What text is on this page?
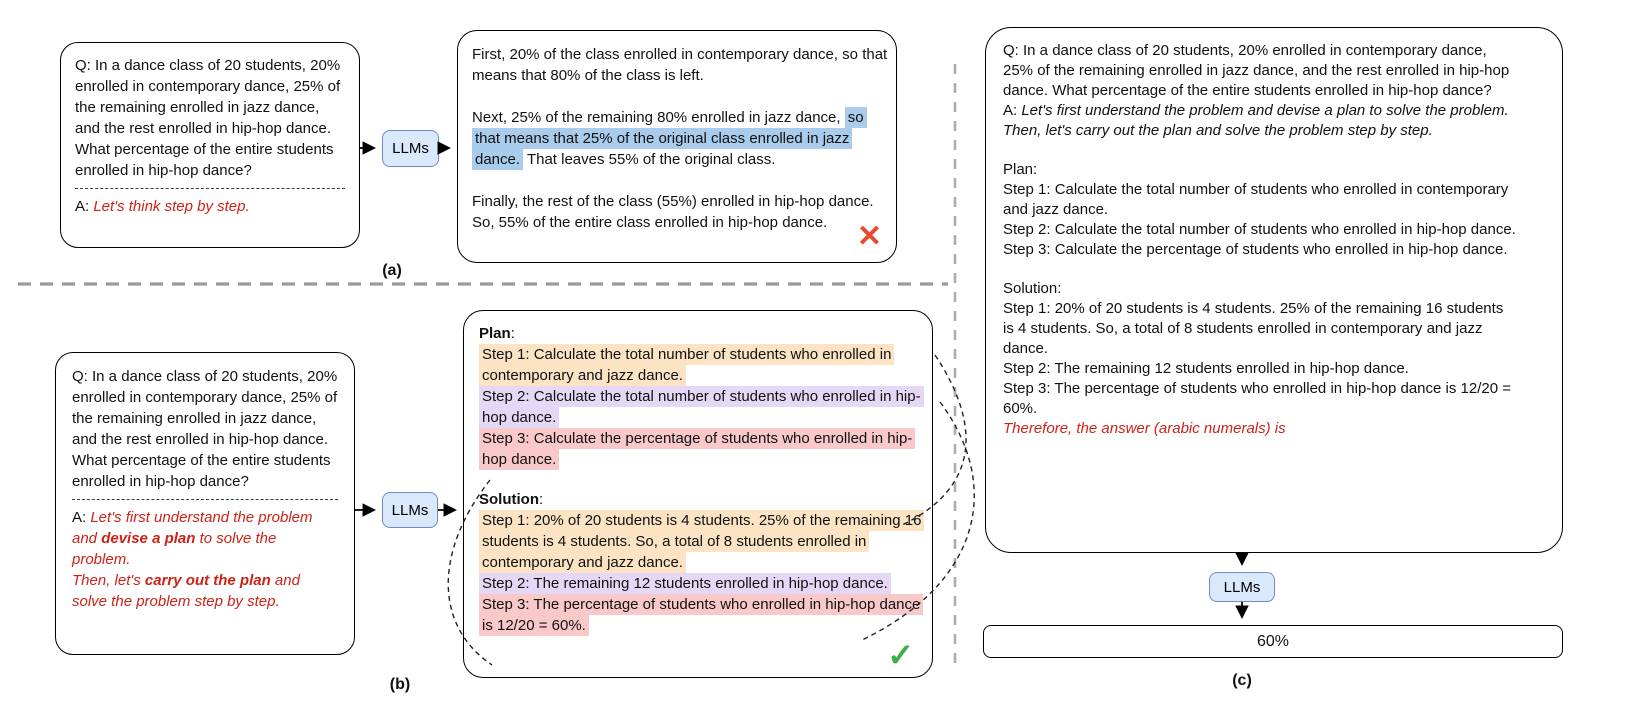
Q: In a dance class of 20 students, 20% enrolled in contemporary dance, 25% of the remaining enrolled in jazz dance, and the rest enrolled in hip-hop dance. What percentage of the entire students enrolled in hip-hop dance?
A: Let's think step by step.
LLMs

First, 20% of the class enrolled in contemporary dance, so that means that 80% of the class is left.

Next, 25% of the remaining 80% enrolled in jazz dance, so that means that 25% of the original class enrolled in jazz dance. That leaves 55% of the original class.

Finally, the rest of the class (55%) enrolled in hip-hop dance. So, 55% of the entire class enrolled in hip-hop dance. ✕
(a)
Q: In a dance class of 20 students, 20% enrolled in contemporary dance, 25% of the remaining enrolled in jazz dance, and the rest enrolled in hip-hop dance. What percentage of the entire students enrolled in hip-hop dance?
A: Let's first understand the problem and devise a plan to solve the problem.
Then, let's carry out the plan and solve the problem step by step.
LLMs
Plan:
Step 1: Calculate the total number of students who enrolled in contemporary and jazz dance.
Step 2: Calculate the total number of students who enrolled in hip-hop dance.
Step 3: Calculate the percentage of students who enrolled in hip-hop dance.
Solution:
Step 1: 20% of 20 students is 4 students. 25% of the remaining 16 students is 4 students. So, a total of 8 students enrolled in contemporary and jazz dance.
Step 2: The remaining 12 students enrolled in hip-hop dance.
Step 3: The percentage of students who enrolled in hip-hop dance is 12/20 = 60%.
✓
(b)
Q: In a dance class of 20 students, 20% enrolled in contemporary dance, 25% of the remaining enrolled in jazz dance, and the rest enrolled in hip-hop dance. What percentage of the entire students enrolled in hip-hop dance?
A: Let's first understand the problem and devise a plan to solve the problem.
Then, let's carry out the plan and solve the problem step by step.
Plan:
Step 1: Calculate the total number of students who enrolled in contemporary and jazz dance.
Step 2: Calculate the total number of students who enrolled in hip-hop dance.
Step 3: Calculate the percentage of students who enrolled in hip-hop dance.
Solution:
Step 1: 20% of 20 students is 4 students. 25% of the remaining 16 students is 4 students. So, a total of 8 students enrolled in contemporary and jazz dance.
Step 2: The remaining 12 students enrolled in hip-hop dance.
Step 3: The percentage of students who enrolled in hip-hop dance is 12/20 = 60%.
Therefore, the answer (arabic numerals) is
LLMs
60%
(c)
